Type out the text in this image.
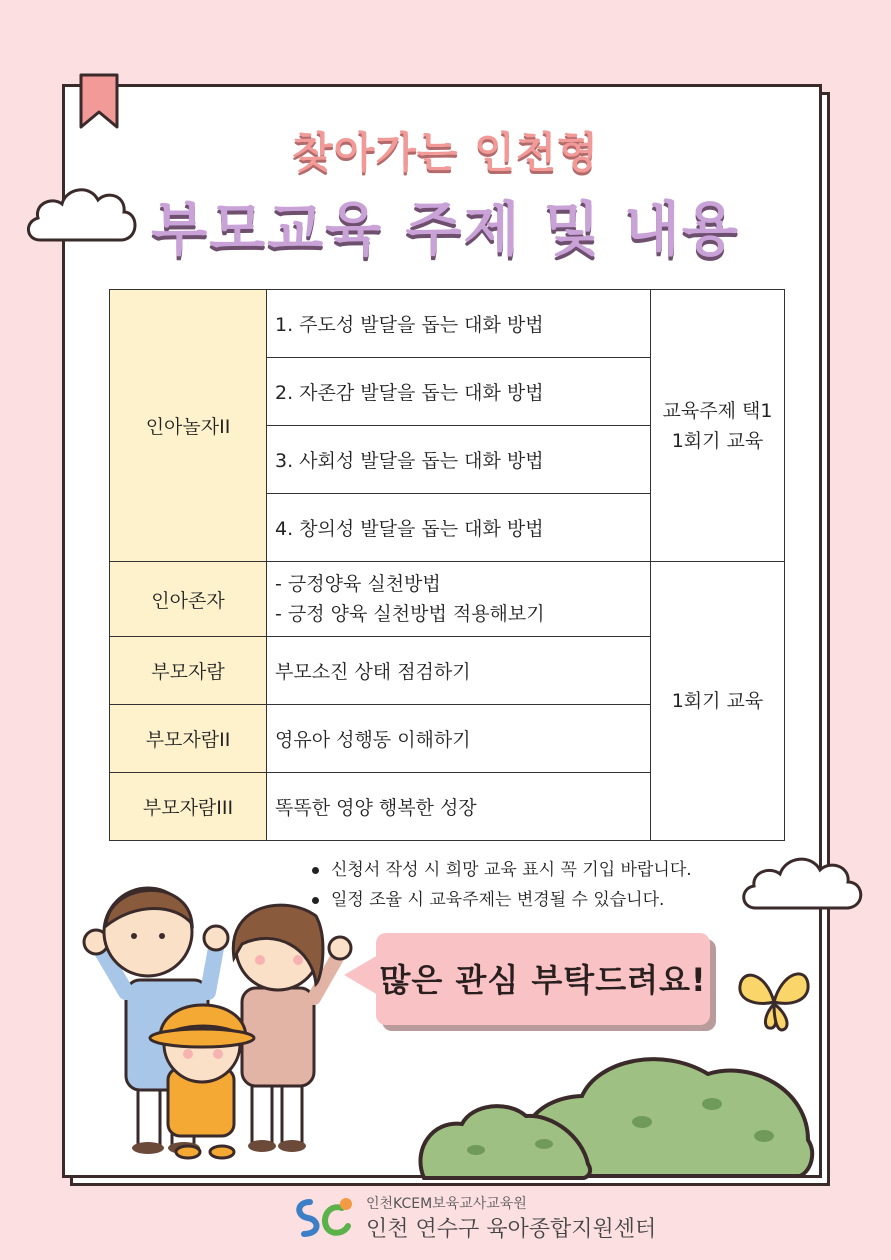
찾아가는 인천형
부모교육 주제 및 내용
인아놀자II	1. 주도성 발달을 돕는 대화 방법	교육주제 택1
1회기 교육

	2. 자존감 발달을 돕는 대화 방법	
	3. 사회성 발달을 돕는 대화 방법	
	4. 창의성 발달을 돕는 대화 방법	
인아존자	- 긍정양육 실천방법
- 긍정 양육 실천방법 적용해보기	1회기 교육
부모자람	부모소진 상태 점검하기	
부모자람II	영유아 성행동 이해하기	
부모자람III	똑똑한 영양 행복한 성장	
신청서 작성 시 희망 교육 표시 꼭 기입 바랍니다.
일정 조율 시 교육주제는 변경될 수 있습니다.
많은 관심 부탁드려요!
인천KCEM보육교사교육원
인천 연수구 육아종합지원센터
